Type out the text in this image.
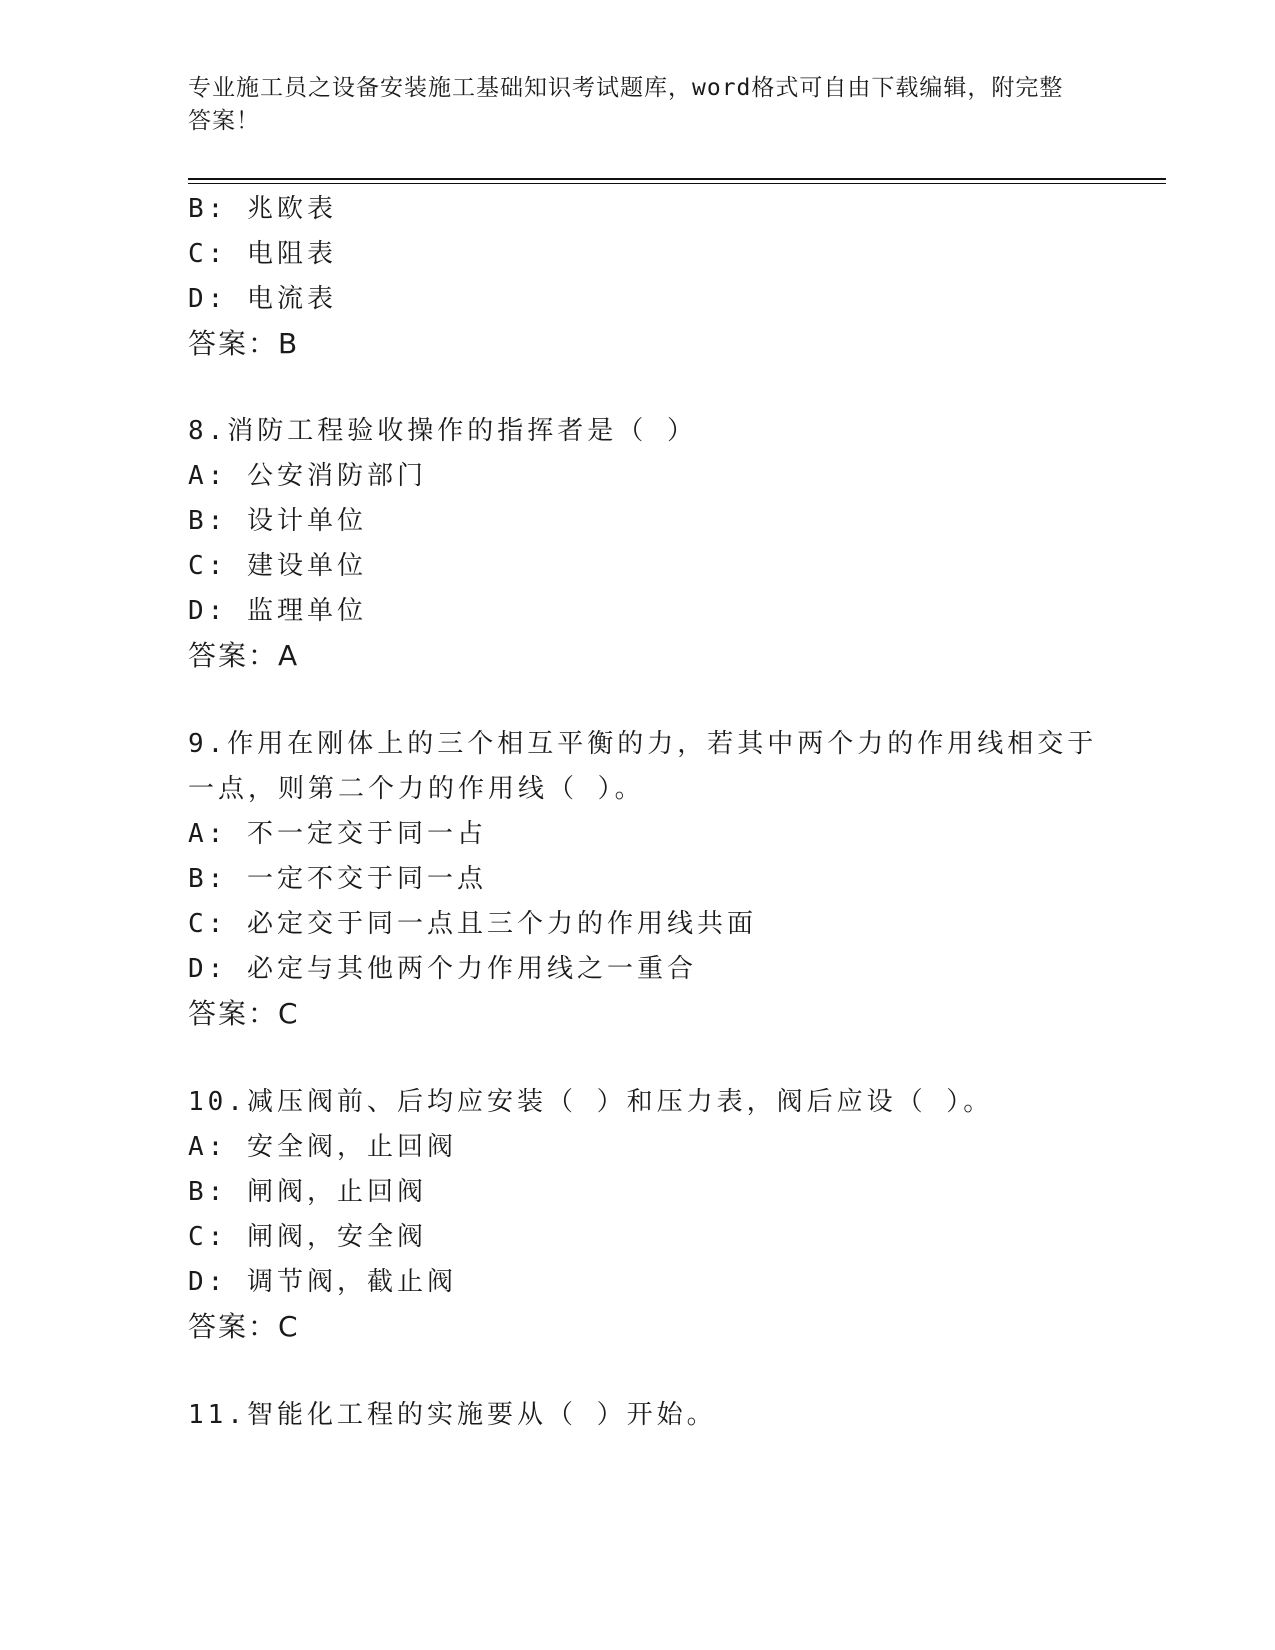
专业施工员之设备安装施工基础知识考试题库，word格式可自由下载编辑，附完整答案！
B: 兆欧表
C: 电阻表
D: 电流表
答案：B
8.消防工程验收操作的指挥者是（ ）
A: 公安消防部门
B: 设计单位
C: 建设单位
D: 监理单位
答案：A
9.作用在刚体上的三个相互平衡的力，若其中两个力的作用线相交于
一点，则第二个力的作用线（ ）。
A: 不一定交于同一占
B: 一定不交于同一点
C: 必定交于同一点且三个力的作用线共面
D: 必定与其他两个力作用线之一重合
答案：C
10.减压阀前、后均应安装（ ）和压力表，阀后应设（ ）。
A: 安全阀，止回阀
B: 闸阀，止回阀
C: 闸阀，安全阀
D: 调节阀，截止阀
答案：C
11.智能化工程的实施要从（ ）开始。
